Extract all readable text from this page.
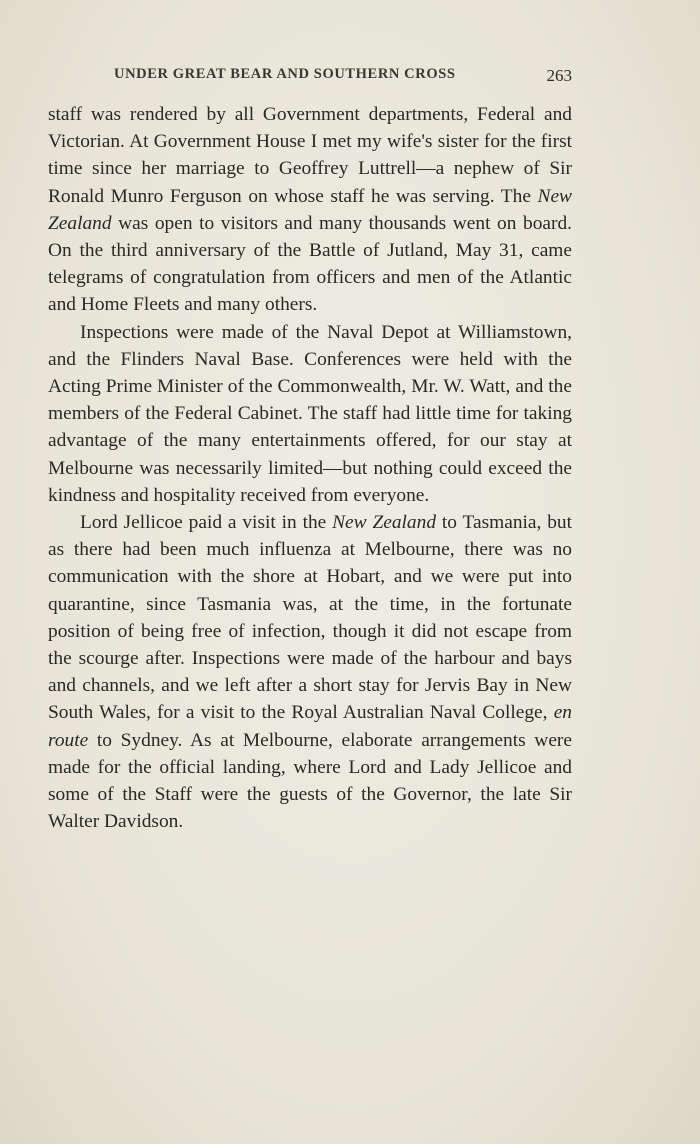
UNDER GREAT BEAR AND SOUTHERN CROSS	263

staff was rendered by all Government departments, Federal and Victorian. At Government House I met my wife's sister for the first time since her marriage to Geoffrey Luttrell—a nephew of Sir Ronald Munro Ferguson on whose staff he was serving. The New Zealand was open to visitors and many thousands went on board. On the third anniversary of the Battle of Jutland, May 31, came telegrams of congratulation from officers and men of the Atlantic and Home Fleets and many others.

Inspections were made of the Naval Depot at Williamstown, and the Flinders Naval Base. Conferences were held with the Acting Prime Minister of the Commonwealth, Mr. W. Watt, and the members of the Federal Cabinet. The staff had little time for taking advantage of the many entertainments offered, for our stay at Melbourne was necessarily limited—but nothing could exceed the kindness and hospitality received from everyone.

Lord Jellicoe paid a visit in the New Zealand to Tasmania, but as there had been much influenza at Melbourne, there was no communication with the shore at Hobart, and we were put into quarantine, since Tasmania was, at the time, in the fortunate position of being free of infection, though it did not escape from the scourge after. Inspections were made of the harbour and bays and channels, and we left after a short stay for Jervis Bay in New South Wales, for a visit to the Royal Australian Naval College, en route to Sydney. As at Melbourne, elaborate arrangements were made for the official landing, where Lord and Lady Jellicoe and some of the Staff were the guests of the Governor, the late Sir Walter Davidson.
